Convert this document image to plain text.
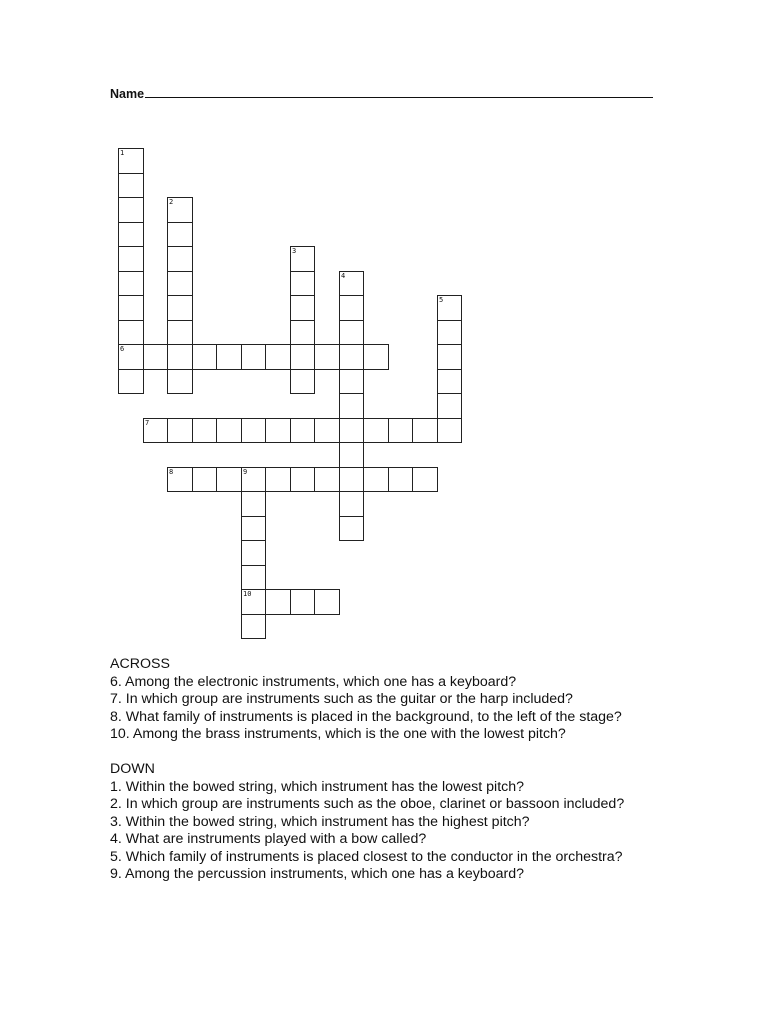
Name
1
6
2
3
4
5
7
8	9
10

ACROSS

6. Among the electronic instruments, which one has a keyboard?

7. In which group are instruments such as the guitar or the harp included?

8. What family of instruments is placed in the background, to the left of the stage?

10. Among the brass instruments, which is the one with the lowest pitch?

DOWN

1. Within the bowed string, which instrument has the lowest pitch?

2. In which group are instruments such as the oboe, clarinet or bassoon included?

3. Within the bowed string, which instrument has the highest pitch?

4. What are instruments played with a bow called?

5. Which family of instruments is placed closest to the conductor in the orchestra?

9. Among the percussion instruments, which one has a keyboard?
